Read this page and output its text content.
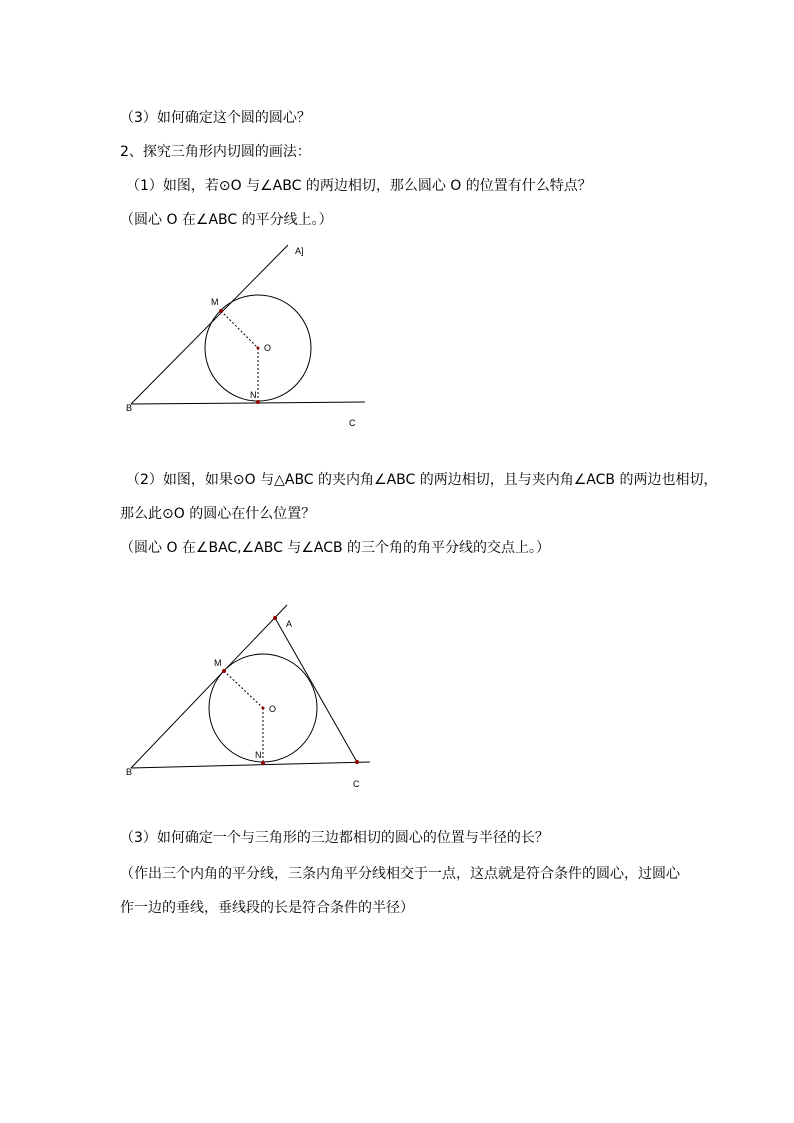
（3）如何确定这个圆的圆心？
2、探究三角形内切圆的画法：
（1）如图，若⊙O 与∠ABC 的两边相切，那么圆心 O 的位置有什么特点？
（圆心 O 在∠ABC 的平分线上。）
A]
M
O
N
B
C
（2）如图，如果⊙O 与△ABC 的夹内角∠ABC 的两边相切，且与夹内角∠ACB 的两边也相切，
那么此⊙O 的圆心在什么位置？
（圆心 O 在∠BAC,∠ABC 与∠ACB 的三个角的角平分线的交点上。）
A
M
O
N
B
C
（3）如何确定一个与三角形的三边都相切的圆心的位置与半径的长？
（作出三个内角的平分线，三条内角平分线相交于一点，这点就是符合条件的圆心，过圆心
作一边的垂线，垂线段的长是符合条件的半径）
